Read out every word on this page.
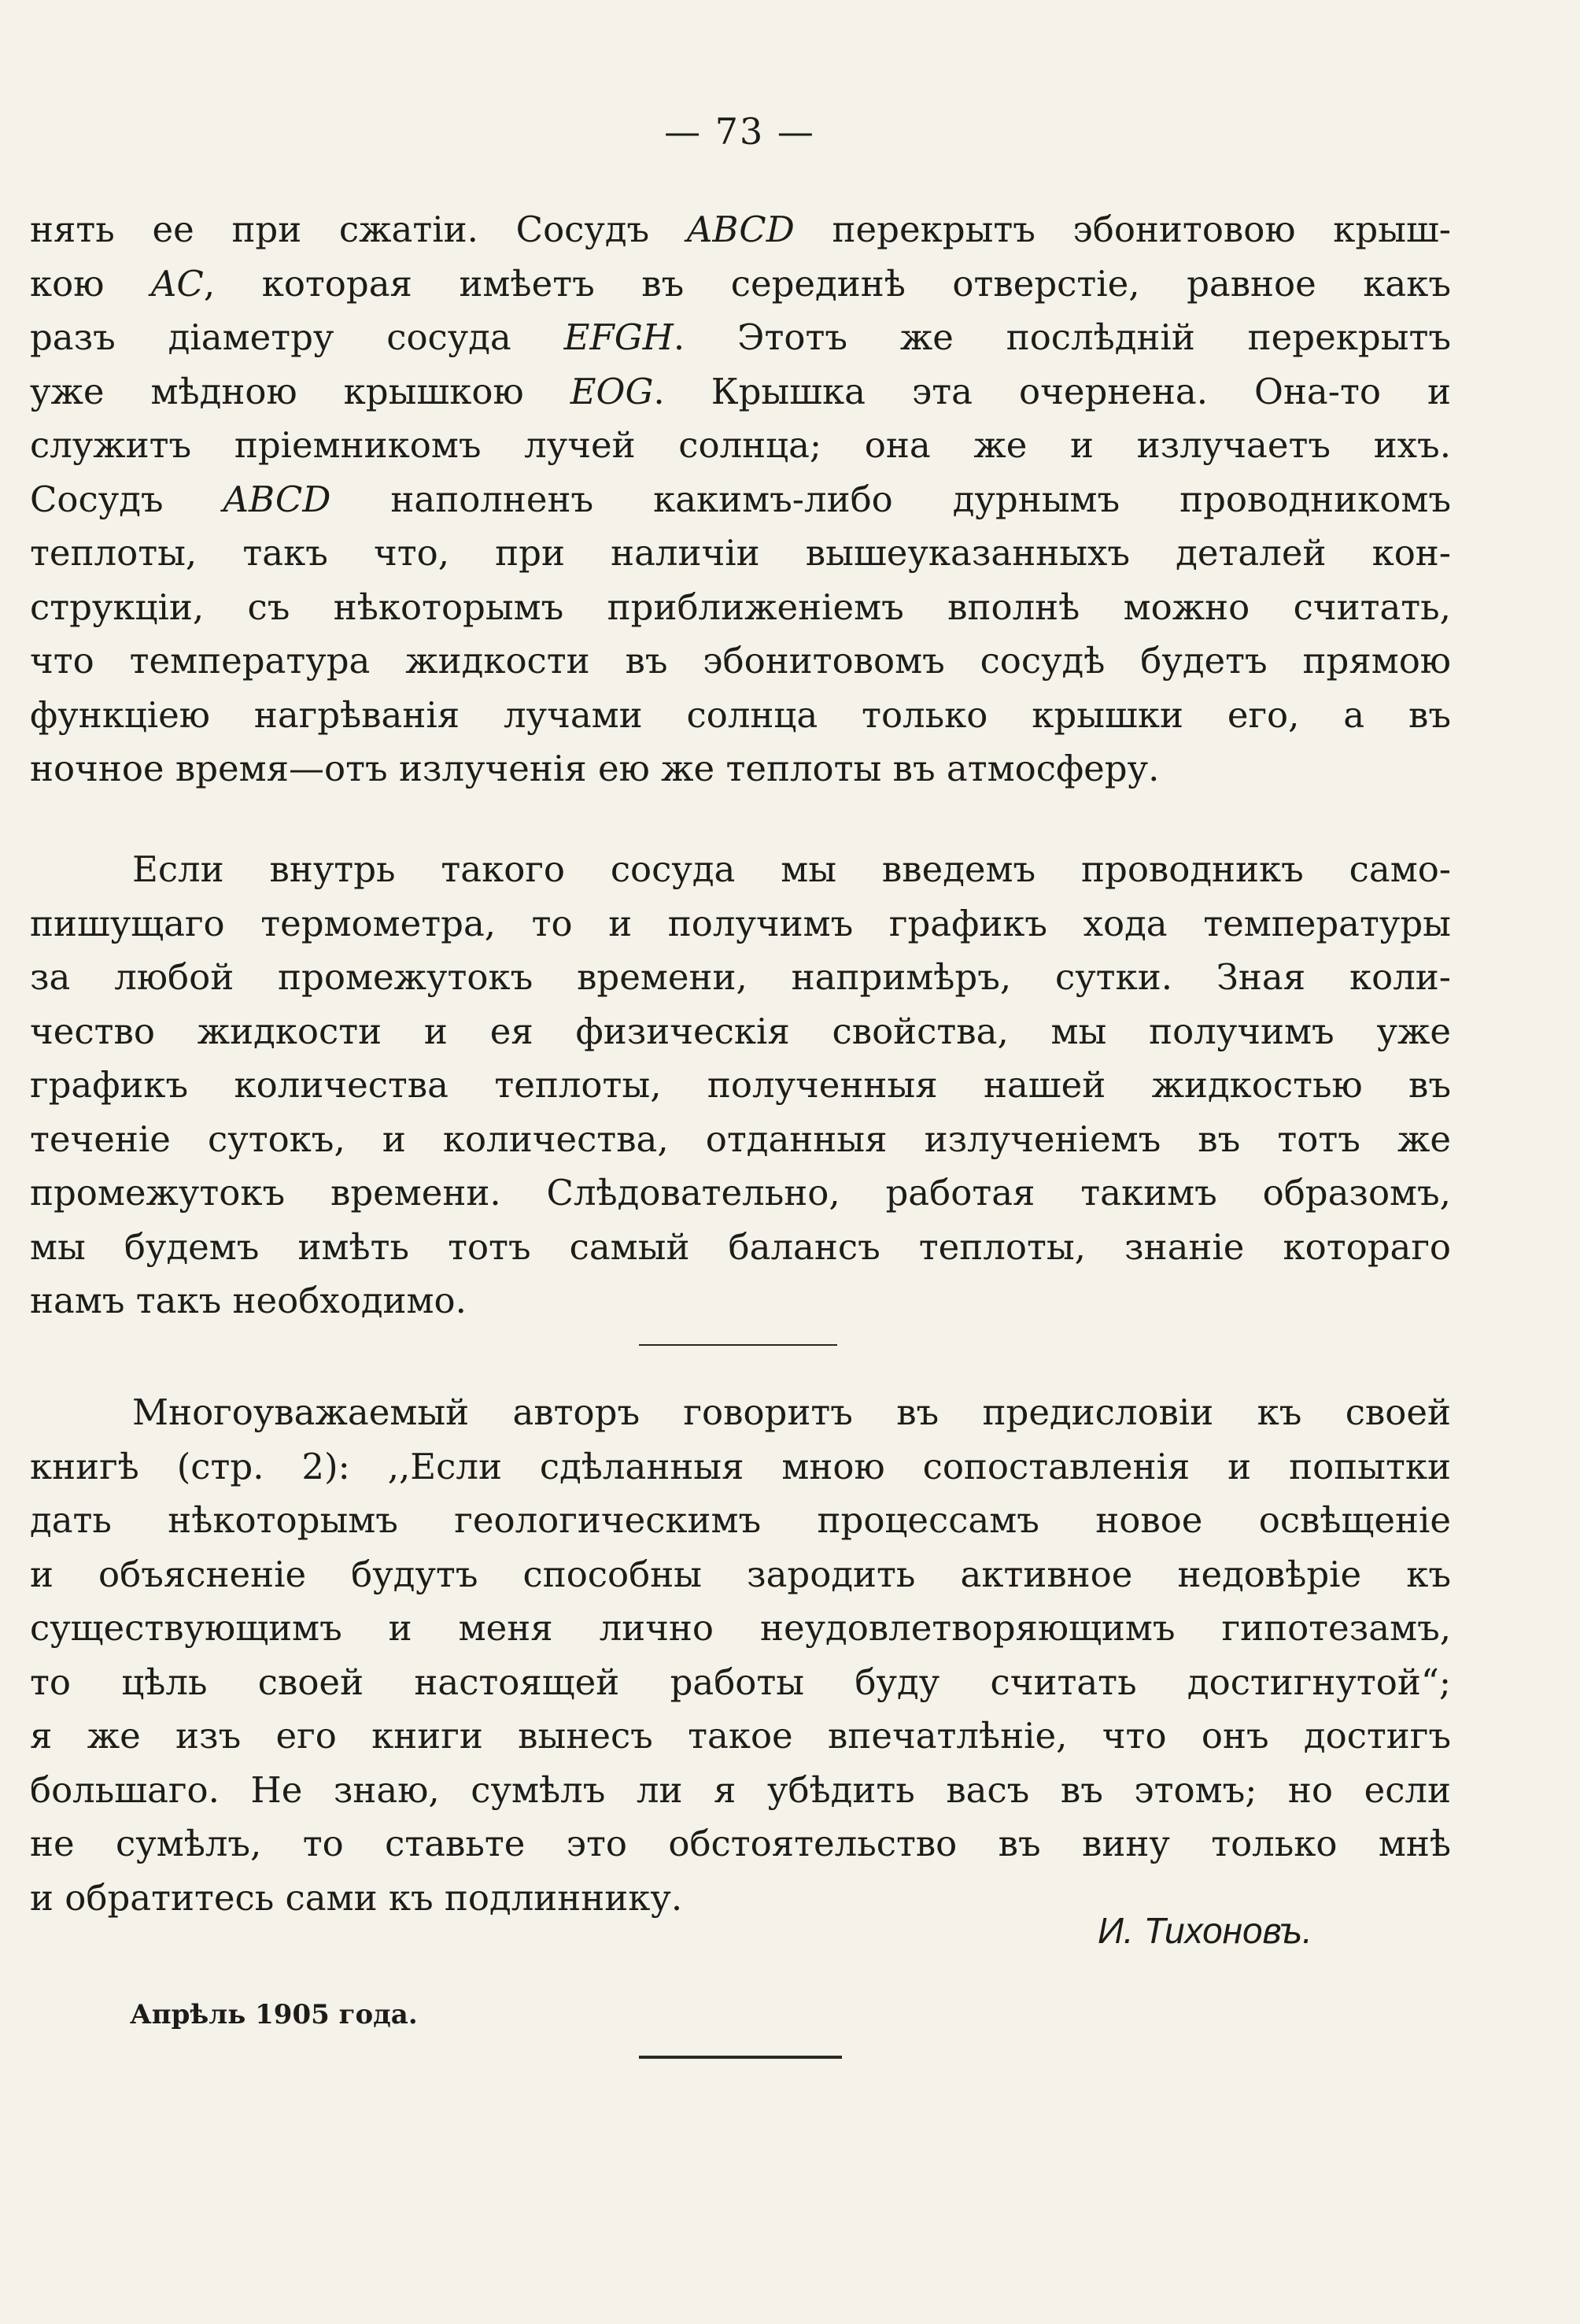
— 73 —
нять ее при сжатіи. Сосудъ ABCD перекрытъ эбонитовою крыш-
кою AC, которая имѣетъ въ серединѣ отверстіе, равное какъ
разъ діаметру сосуда EFGH. Этотъ же послѣдній перекрытъ
уже мѣдною крышкою EOG. Крышка эта очернена. Она-то и
служитъ пріемникомъ лучей солнца; она же и излучаетъ ихъ.
Сосудъ ABCD наполненъ какимъ-либо дурнымъ проводникомъ
теплоты, такъ что, при наличіи вышеуказанныхъ деталей кон-
струкціи, съ нѣкоторымъ приближеніемъ вполнѣ можно считать,
что температура жидкости въ эбонитовомъ сосудѣ будетъ прямою
функціею нагрѣванія лучами солнца только крышки его, а въ
ночное время—отъ излученія ею же теплоты въ атмосферу.
Если внутрь такого сосуда мы введемъ проводникъ само-
пишущаго термометра, то и получимъ графикъ хода температуры
за любой промежутокъ времени, напримѣръ, сутки. Зная коли-
чество жидкости и ея физическія свойства, мы получимъ уже
графикъ количества теплоты, полученныя нашей жидкостью въ
теченіе сутокъ, и количества, отданныя излученіемъ въ тотъ же
промежутокъ времени. Слѣдовательно, работая такимъ образомъ,
мы будемъ имѣть тотъ самый балансъ теплоты, знаніе котораго
намъ такъ необходимо.
Многоуважаемый авторъ говоритъ въ предисловіи къ своей
книгѣ (стр. 2): ,,Если сдѣланныя мною сопоставленія и попытки
дать нѣкоторымъ геологическимъ процессамъ новое освѣщеніе
и объясненіе будутъ способны зародить активное недовѣріе къ
существующимъ и меня лично неудовлетворяющимъ гипотезамъ,
то цѣль своей настоящей работы буду считать достигнутой“;
я же изъ его книги вынесъ такое впечатлѣніе, что онъ достигъ
большаго. Не знаю, сумѣлъ ли я убѣдить васъ въ этомъ; но если
не сумѣлъ, то ставьте это обстоятельство въ вину только мнѣ
и обратитесь сами къ подлиннику.
И. Тихоновъ.
Апрѣль 1905 года.
